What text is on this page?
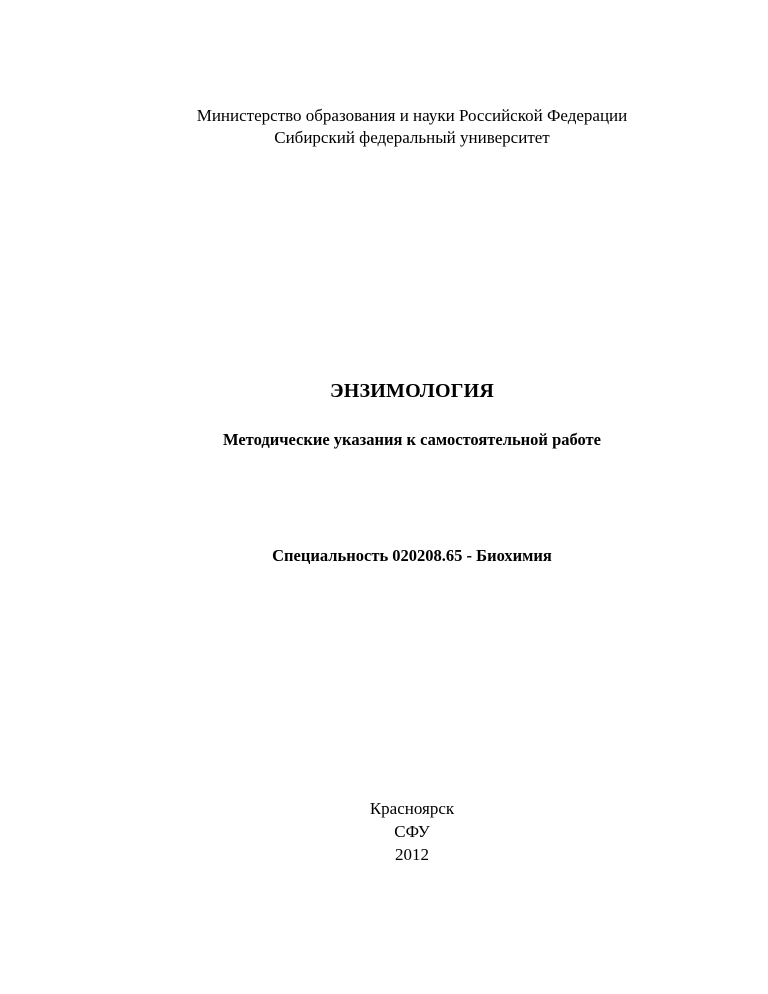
Министерство образования и науки Российской Федерации
Сибирский федеральный университет
ЭНЗИМОЛОГИЯ
Методические указания к самостоятельной работе
Специальность 020208.65 - Биохимия
Красноярск
СФУ
2012
